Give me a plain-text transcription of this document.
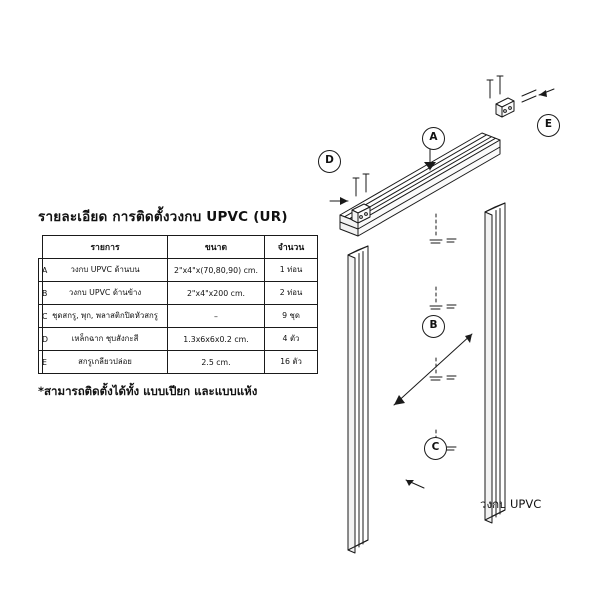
รายละเอียด การติดตั้งวงกบ UPVC (UR)
	รายการ	ขนาด	จำนวน
A	วงกบ UPVC ด้านบน	2"x4"x(70,80,90) cm.	1 ท่อน
B	วงกบ UPVC ด้านข้าง	2"x4"x200 cm.	2 ท่อน
C	ชุดสกรู, พุก, พลาสติกปิดหัวสกรู	–	9 ชุด
D	เหล็กฉาก ชุบสังกะสี	1.3x6x6x0.2 cm.	4 ตัว
E	สกรูเกลียวปล่อย	2.5 cm.	16 ตัว
*สามารถติดตั้งได้ทั้ง แบบเปียก และแบบแห้ง
A
B
C
D
E
วงกบ UPVC
